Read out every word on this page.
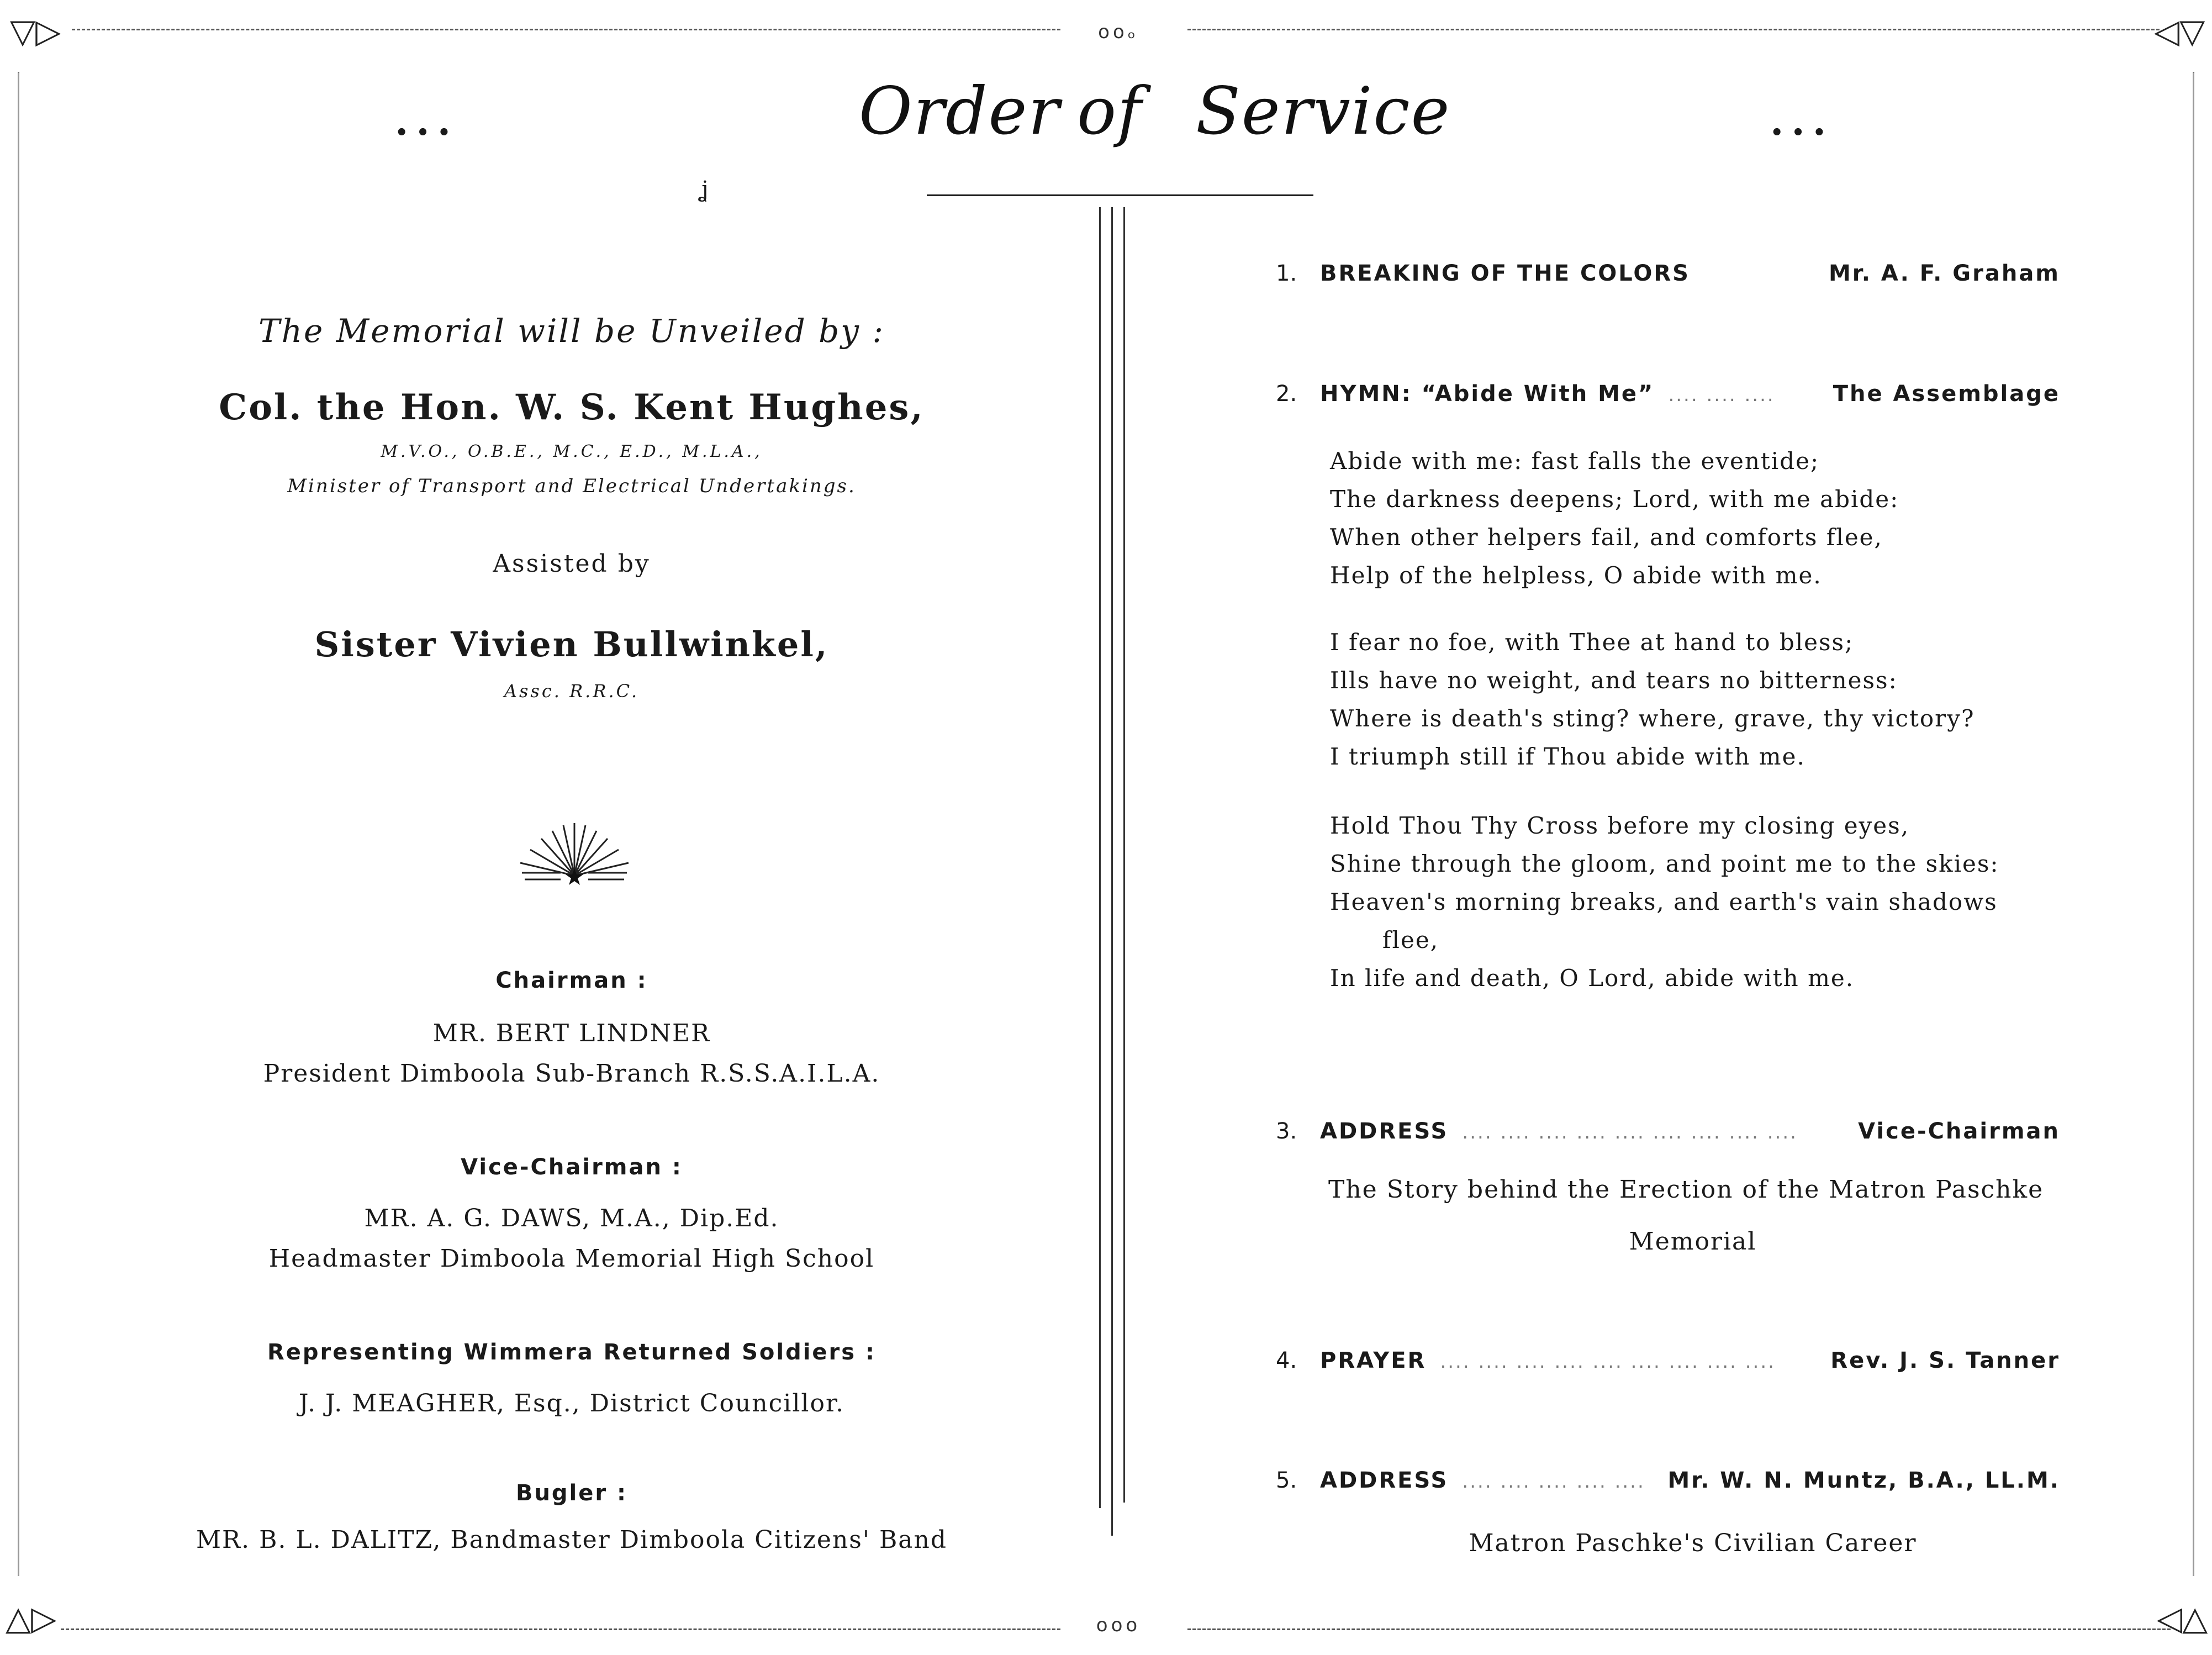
▽▷	◁▽
△▷	◁△
ooₒ
ooo
...	...
Order of Service
ʝ
The Memorial will be Unveiled by :
Col. the Hon. W. S. Kent Hughes,
M.V.O., O.B.E., M.C., E.D., M.L.A.,
Minister of Transport and Electrical Undertakings.
Assisted by
Sister Vivien Bullwinkel,
Assc. R.R.C.
Chairman :
MR. BERT LINDNER
President Dimboola Sub-Branch R.S.S.A.I.L.A.
Vice-Chairman :
MR. A. G. DAWS, M.A., Dip.Ed.
Headmaster Dimboola Memorial High School
Representing Wimmera Returned Soldiers :
J. J. MEAGHER, Esq., District Councillor.
Bugler :
MR. B. L. DALITZ, Bandmaster Dimboola Citizens' Band
1. BREAKING OF THE COLORS	Mr. A. F. Graham
2. HYMN: “Abide With Me” .... .... ....	The Assemblage
Abide with me: fast falls the eventide;
The darkness deepens; Lord, with me abide:
When other helpers fail, and comforts flee,
Help of the helpless, O abide with me.
I fear no foe, with Thee at hand to bless;
Ills have no weight, and tears no bitterness:
Where is death's sting? where, grave, thy victory?
I triumph still if Thou abide with me.
Hold Thou Thy Cross before my closing eyes,
Shine through the gloom, and point me to the skies:
Heaven's morning breaks, and earth's vain shadows
flee,
In life and death, O Lord, abide with me.
3. ADDRESS .... .... .... .... .... .... .... .... ....	Vice-Chairman
The Story behind the Erection of the Matron Paschke
Memorial
4. PRAYER .... .... .... .... .... .... .... .... .... Rev. J. S. Tanner
5. ADDRESS .... .... .... .... .... Mr. W. N. Muntz, B.A., LL.M.
Matron Paschke's Civilian Career
